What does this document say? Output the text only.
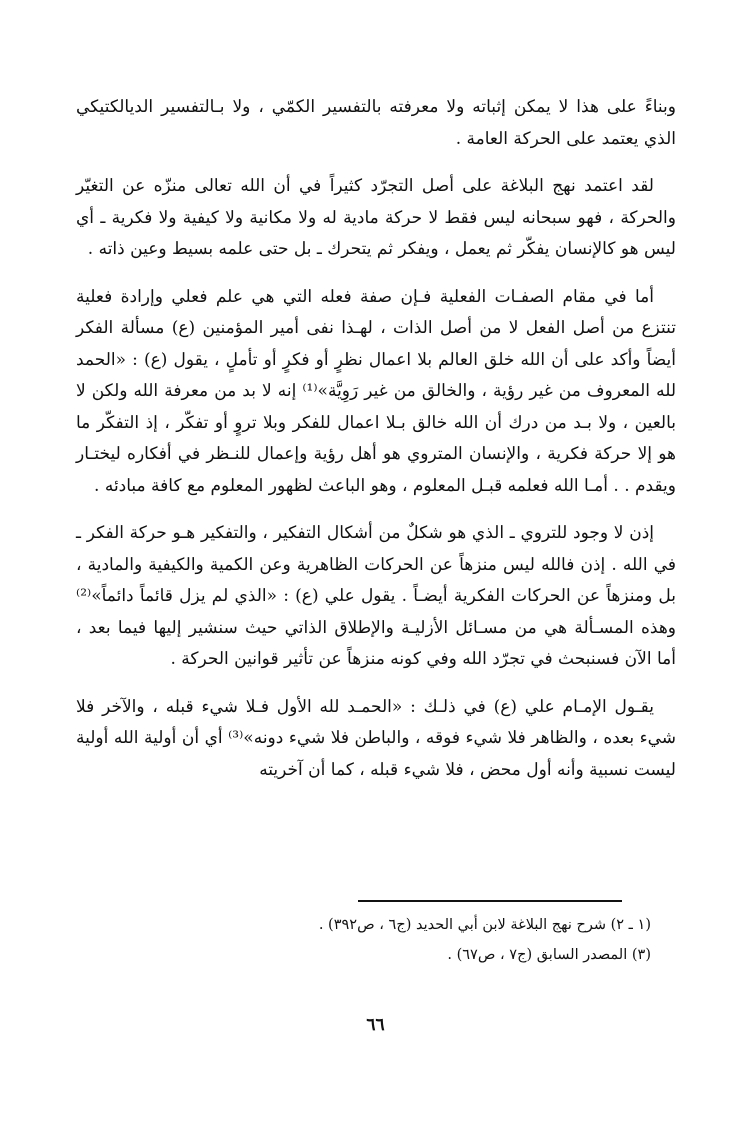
وبناءً على هذا لا يمكن إثباته ولا معرفته بالتفسير الكمّي ، ولا بـالتفسير الديالكتيكي الذي يعتمد على الحركة العامة .

لقد اعتمد نهج البلاغة على أصل التجرّد كثيراً في أن الله تعالى منزّه عن التغيّر والحركة ، فهو سبحانه ليس فقط لا حركة مادية له ولا مكانية ولا كيفية ولا فكرية ـ أي ليس هو كالإنسان يفكّر ثم يعمل ، ويفكر ثم يتحرك ـ بل حتى علمه بسيط وعين ذاته .

أما في مقام الصفـات الفعلية فـإن صفة فعله التي هي علم فعلي وإرادة فعلية تنتزع من أصل الفعل لا من أصل الذات ، لهـذا نفى أمير المؤمنين (ع) مسألة الفكر أيضاً وأكد على أن الله خلق العالم بلا اعمال نظرٍ أو فكرٍ أو تأملٍ ، يقول (ع) : «الحمد لله المعروف من غير رؤية ، والخالق من غير رَوِيَّة»⁽¹⁾ إنه لا بد من معرفة الله ولكن لا بالعين ، ولا بـد من درك أن الله خالق بـلا اعمال للفكر وبلا تروٍ أو تفكّر ، إذ التفكّر ما هو إلا حركة فكرية ، والإنسان المتروي هو أهل رؤية وإعمال للنـظر في أفكاره ليختـار ويقدم . . أمـا الله فعلمه قبـل المعلوم ، وهو الباعث لظهور المعلوم مع كافة مبادئه .

إذن لا وجود للتروي ـ الذي هو شكلٌ من أشكال التفكير ، والتفكير هـو حركة الفكر ـ في الله . إذن فالله ليس منزهاً عن الحركات الظاهرية وعن الكمية والكيفية والمادية ، بل ومنزهاً عن الحركات الفكرية أيضـاً . يقول علي (ع) : «الذي لم يزل قائماً دائماً»⁽²⁾ وهذه المسـألة هي من مسـائل الأزليـة والإطلاق الذاتي حيث سنشير إليها فيما بعد ، أما الآن فسنبحث في تجرّد الله وفي كونه منزهاً عن تأثير قوانين الحركة .

يقـول الإمـام علي (ع) في ذلـك : «الحمـد لله الأول فـلا شيء قبله ، والآخر فلا شيء بعده ، والظاهر فلا شيء فوقه ، والباطن فلا شيء دونه»⁽³⁾ أي أن أولية الله أولية ليست نسبية وأنه أول محض ، فلا شيء قبله ، كما أن آخريته

(١ ـ ٢) شرح نهج البلاغة لابن أبي الحديد (ج٦ ، ص٣٩٢) .

(٣) المصدر السابق (ج٧ ، ص٦٧) .

٦٦
